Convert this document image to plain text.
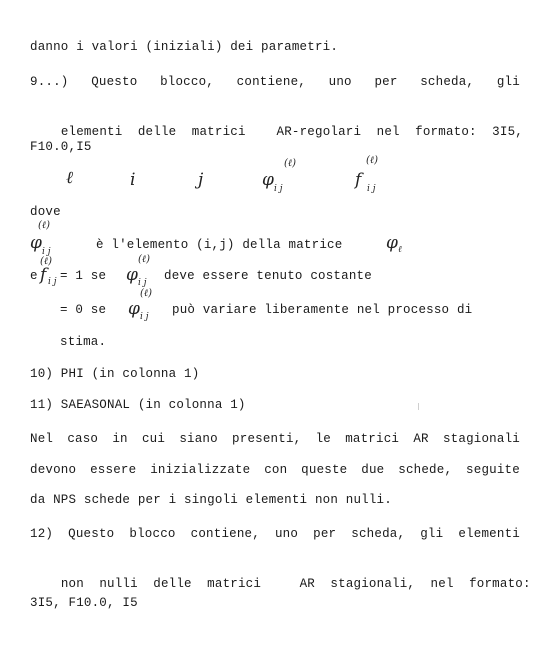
danno i valori (iniziali) dei parametri.
9...) Questo blocco, contiene, uno per scheda, gli

elementi delle matrici AR-regolari nel formato: 3I5,

F10.0,I5
ℓ	i	j
(ℓ)
φ i j
(ℓ)
f i j
dove
(ℓ)
φ i j	è l'elemento (i,j) della matrice	φ ℓ
e
(ℓ)
f i j = 1 se
(ℓ)
φ i j deve essere tenuto costante
= 0 se
(ℓ)
φ i j può variare liberamente nel processo di
stima.
10) PHI (in colonna 1)
11) SAEASONAL (in colonna 1)
Nel caso in cui siano presenti, le matrici AR stagionali
devono essere inizializzate con queste due schede, seguite
da NPS schede per i singoli elementi non nulli.
12) Questo blocco contiene, uno per scheda, gli elementi

non nulli delle matrici	AR stagionali, nel formato:

3I5, F10.0, I5
